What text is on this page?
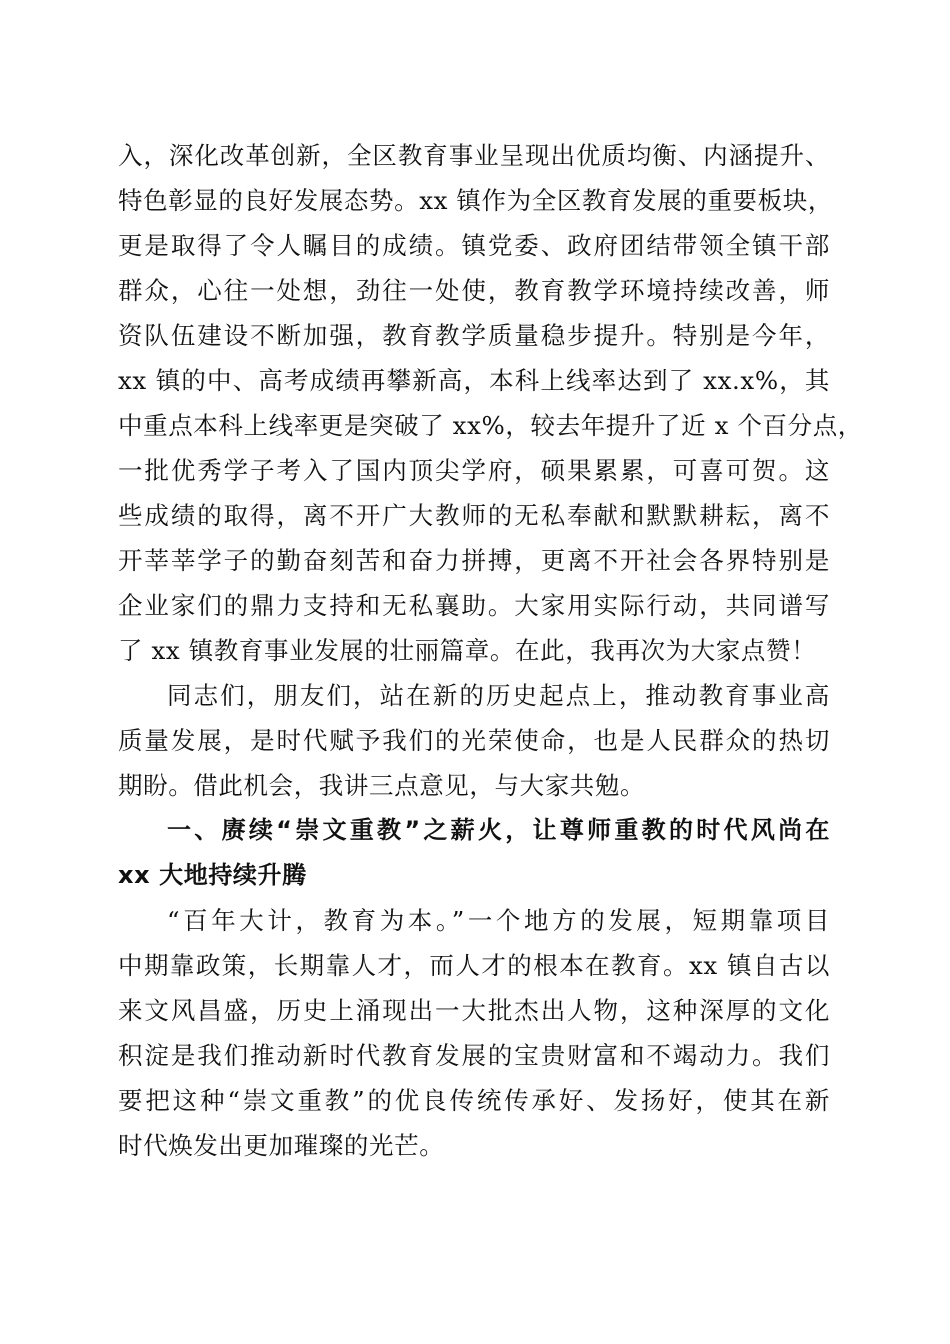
入，深化改革创新，全区教育事业呈现出优质均衡、内涵提升、
特色彰显的良好发展态势。xx 镇作为全区教育发展的重要板块，
更是取得了令人瞩目的成绩。镇党委、政府团结带领全镇干部
群众，心往一处想，劲往一处使，教育教学环境持续改善，师
资队伍建设不断加强，教育教学质量稳步提升。特别是今年，
xx 镇的中、高考成绩再攀新高，本科上线率达到了 xx.x%，其
中重点本科上线率更是突破了 xx%，较去年提升了近 x 个百分点，
一批优秀学子考入了国内顶尖学府，硕果累累，可喜可贺。这
些成绩的取得，离不开广大教师的无私奉献和默默耕耘，离不
开莘莘学子的勤奋刻苦和奋力拼搏，更离不开社会各界特别是
企业家们的鼎力支持和无私襄助。大家用实际行动，共同谱写
了 xx 镇教育事业发展的壮丽篇章。在此，我再次为大家点赞！
同志们，朋友们，站在新的历史起点上，推动教育事业高
质量发展，是时代赋予我们的光荣使命，也是人民群众的热切
期盼。借此机会，我讲三点意见，与大家共勉。
一、赓续“崇文重教”之薪火，让尊师重教的时代风尚在
xx 大地持续升腾
“百年大计，教育为本。”一个地方的发展，短期靠项目
中期靠政策，长期靠人才，而人才的根本在教育。xx 镇自古以
来文风昌盛，历史上涌现出一大批杰出人物，这种深厚的文化
积淀是我们推动新时代教育发展的宝贵财富和不竭动力。我们
要把这种“崇文重教”的优良传统传承好、发扬好，使其在新
时代焕发出更加璀璨的光芒。
